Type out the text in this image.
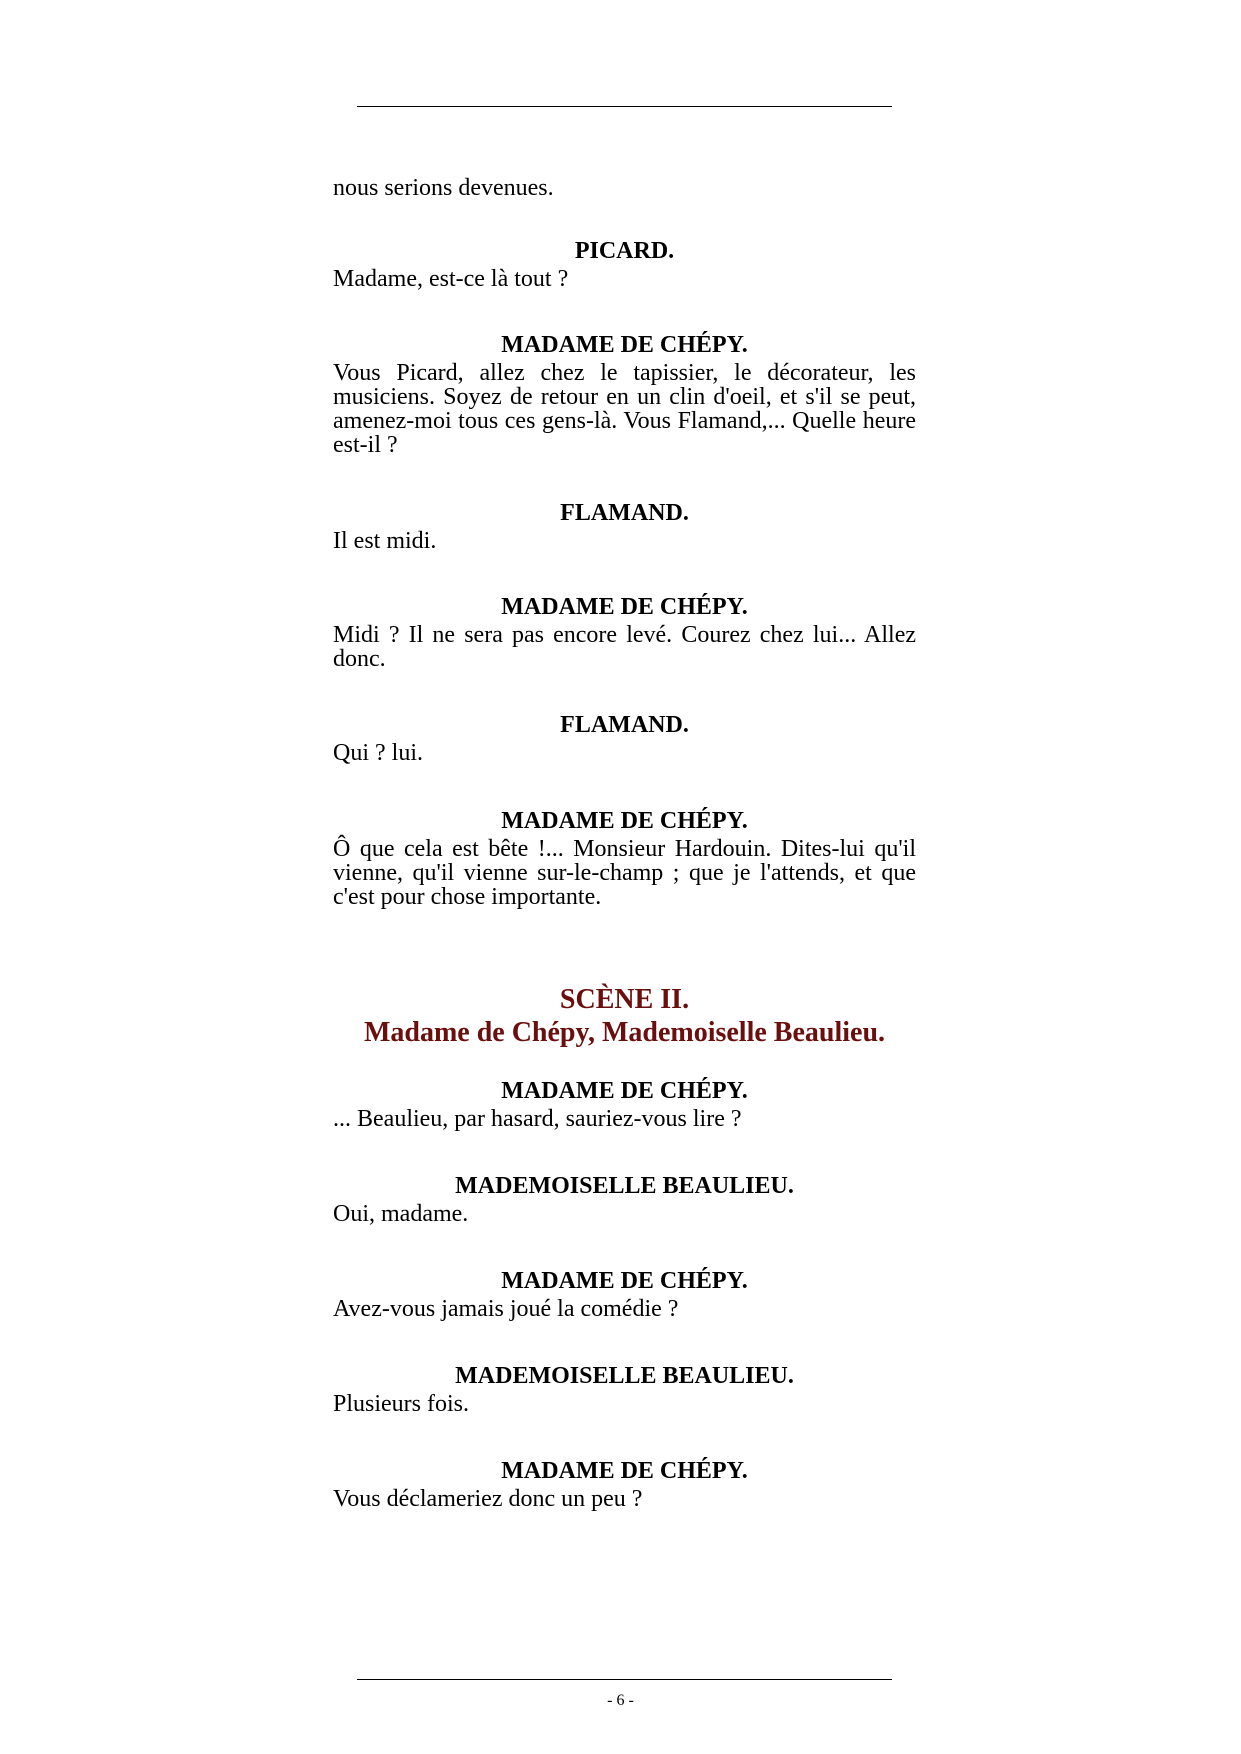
nous serions devenues.

PICARD.

Madame, est-ce là tout ?

MADAME DE CHÉPY.

Vous Picard, allez chez le tapissier, le décorateur, les musiciens. Soyez de retour en un clin d'oeil, et s'il se peut, amenez-moi tous ces gens-là. Vous Flamand,... Quelle heure est-il ?

FLAMAND.

Il est midi.

MADAME DE CHÉPY.

Midi ? Il ne sera pas encore levé. Courez chez lui... Allez donc.

FLAMAND.

Qui ? lui.

MADAME DE CHÉPY.

Ô que cela est bête !... Monsieur Hardouin. Dites-lui qu'il vienne, qu'il vienne sur-le-champ ; que je l'attends, et que c'est pour chose importante.

SCÈNE II.

Madame de Chépy, Mademoiselle Beaulieu.

MADAME DE CHÉPY.

... Beaulieu, par hasard, sauriez-vous lire ?

MADEMOISELLE BEAULIEU.

Oui, madame.

MADAME DE CHÉPY.

Avez-vous jamais joué la comédie ?

MADEMOISELLE BEAULIEU.

Plusieurs fois.

MADAME DE CHÉPY.

Vous déclameriez donc un peu ?

- 6 -
